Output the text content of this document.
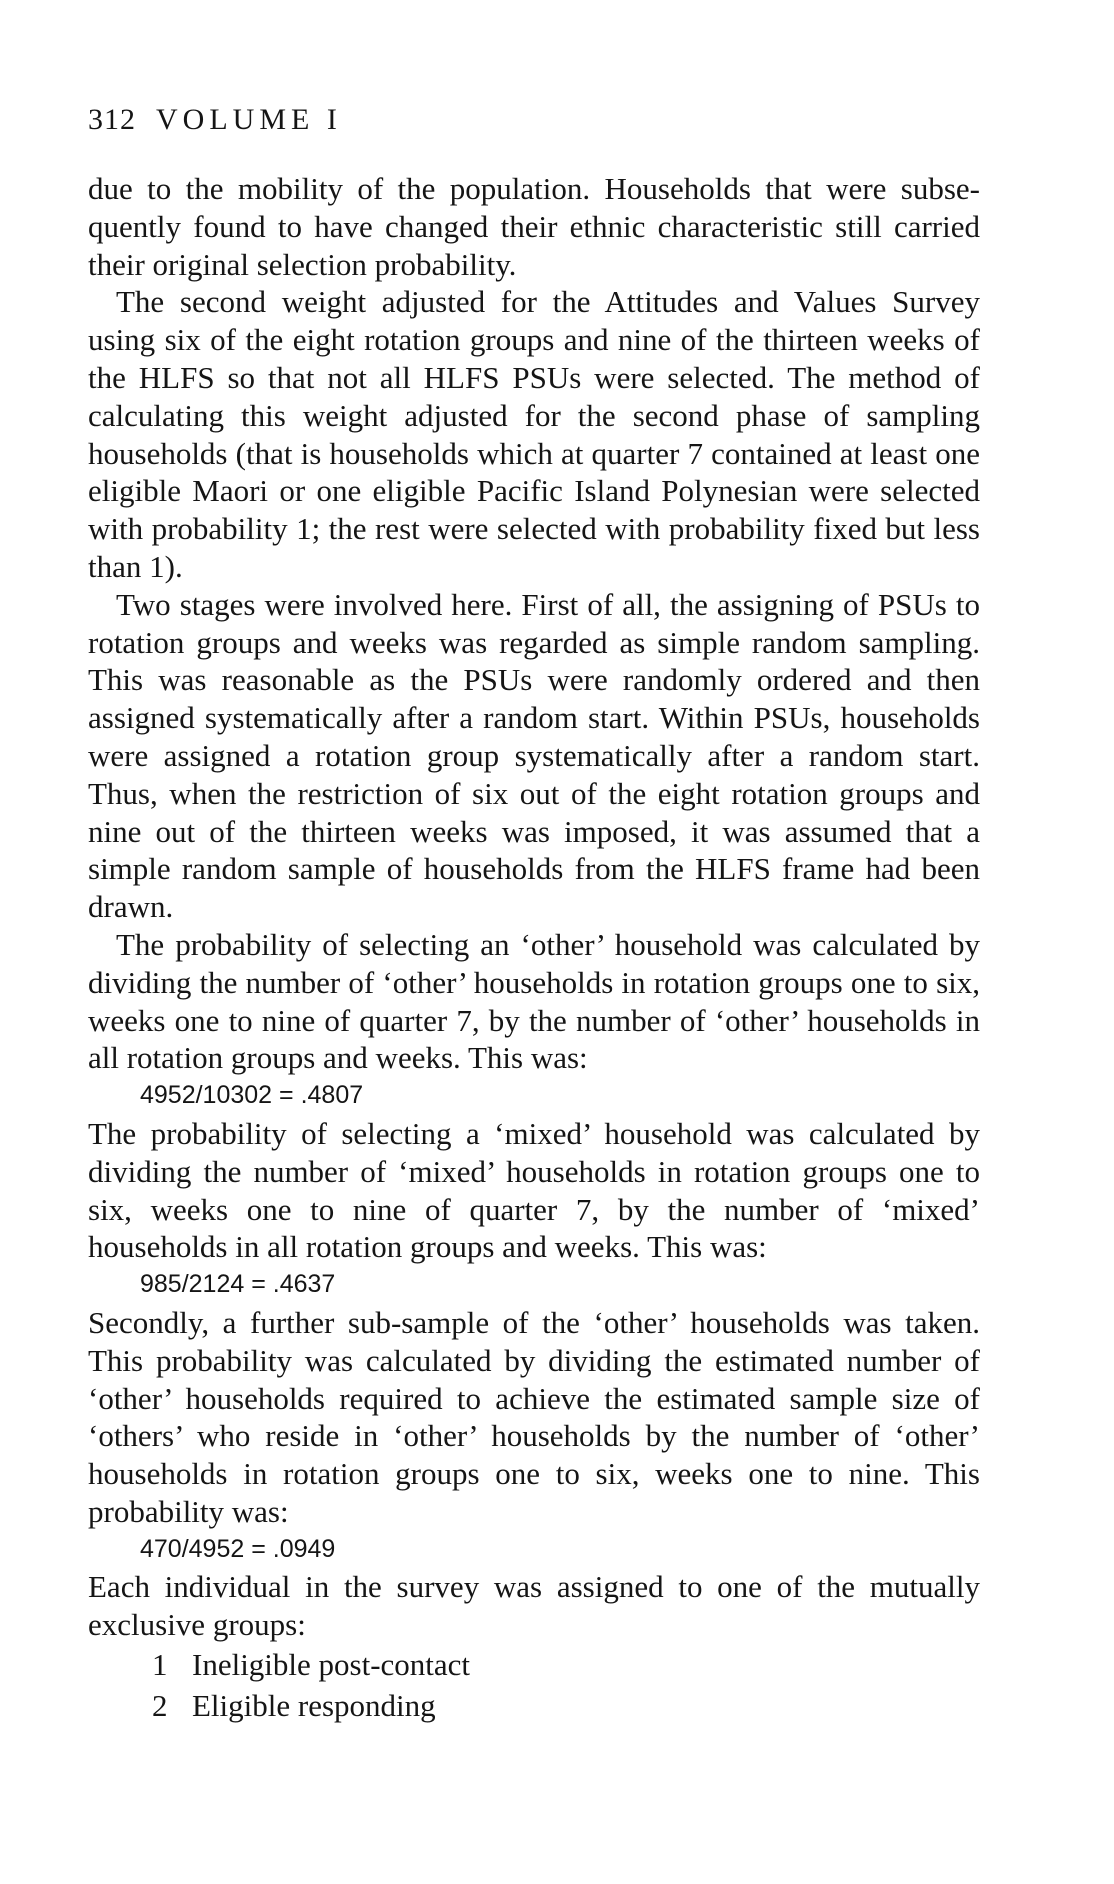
312 VOLUME I

due to the mobility of the population. Households that were subsequently found to have changed their ethnic characteristic still carried their original selection probability.

The second weight adjusted for the Attitudes and Values Survey using six of the eight rotation groups and nine of the thirteen weeks of the HLFS so that not all HLFS PSUs were selected. The method of calculating this weight adjusted for the second phase of sampling households (that is households which at quarter 7 contained at least one eligible Maori or one eligible Pacific Island Polynesian were selected with probability 1; the rest were selected with probability fixed but less than 1).

Two stages were involved here. First of all, the assigning of PSUs to rotation groups and weeks was regarded as simple random sampling. This was reasonable as the PSUs were randomly ordered and then assigned systematically after a random start. Within PSUs, households were assigned a rotation group systematically after a random start. Thus, when the restriction of six out of the eight rotation groups and nine out of the thirteen weeks was imposed, it was assumed that a simple random sample of households from the HLFS frame had been drawn.

The probability of selecting an ‘other’ household was calculated by dividing the number of ‘other’ households in rotation groups one to six, weeks one to nine of quarter 7, by the number of ‘other’ households in all rotation groups and weeks. This was:

4952/10302 = .4807

The probability of selecting a ‘mixed’ household was calculated by dividing the number of ‘mixed’ households in rotation groups one to six, weeks one to nine of quarter 7, by the number of ‘mixed’ households in all rotation groups and weeks. This was:

985/2124 = .4637

Secondly, a further sub-sample of the ‘other’ households was taken. This probability was calculated by dividing the estimated number of ‘other’ households required to achieve the estimated sample size of ‘others’ who reside in ‘other’ households by the number of ‘other’ households in rotation groups one to six, weeks one to nine. This probability was:

470/4952 = .0949

Each individual in the survey was assigned to one of the mutually exclusive groups:

1 Ineligible post-contact
2 Eligible responding
